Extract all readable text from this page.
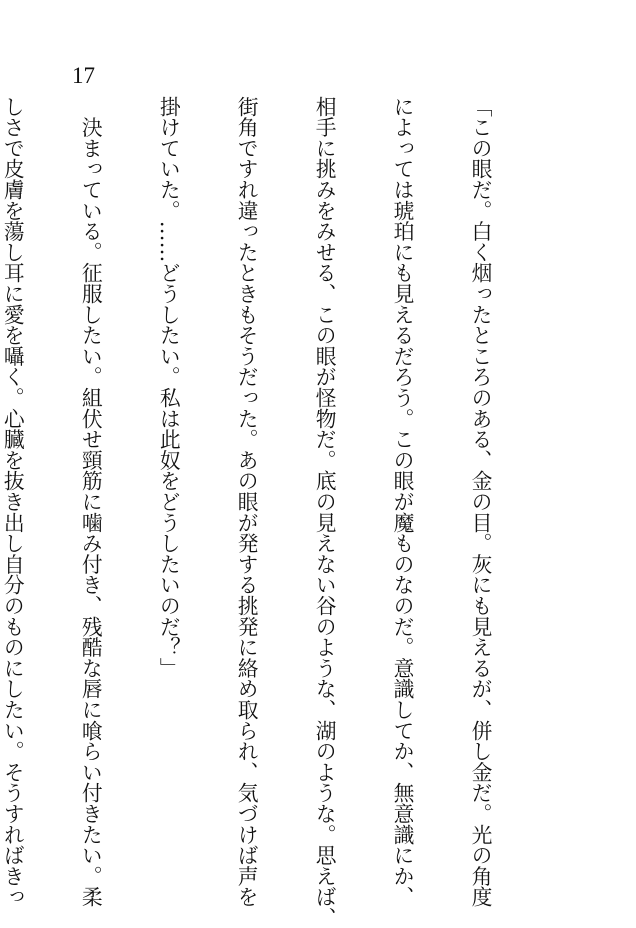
17

「この眼だ。白く烟ったところのある、金の目。灰にも見えるが、併し金だ。光の角度

によっては琥珀にも見えるだろう。この眼が魔ものなのだ。意識してか、無意識にか、

相手に挑みをみせる、この眼が怪物だ。底の見えない谷のような、湖のような。思えば、

街角ですれ違ったときもそうだった。あの眼が発する挑発に絡め取られ、気づけば声を

掛けていた。……どうしたい。私は此奴をどうしたいのだ？」

　決まっている。征服したい。組伏せ頸筋に噛み付き、残酷な唇に喰らい付きたい。柔

しさで皮膚を蕩し耳に愛を囁く。心臓を抜き出し自分のものにしたい。そうすればきっ
